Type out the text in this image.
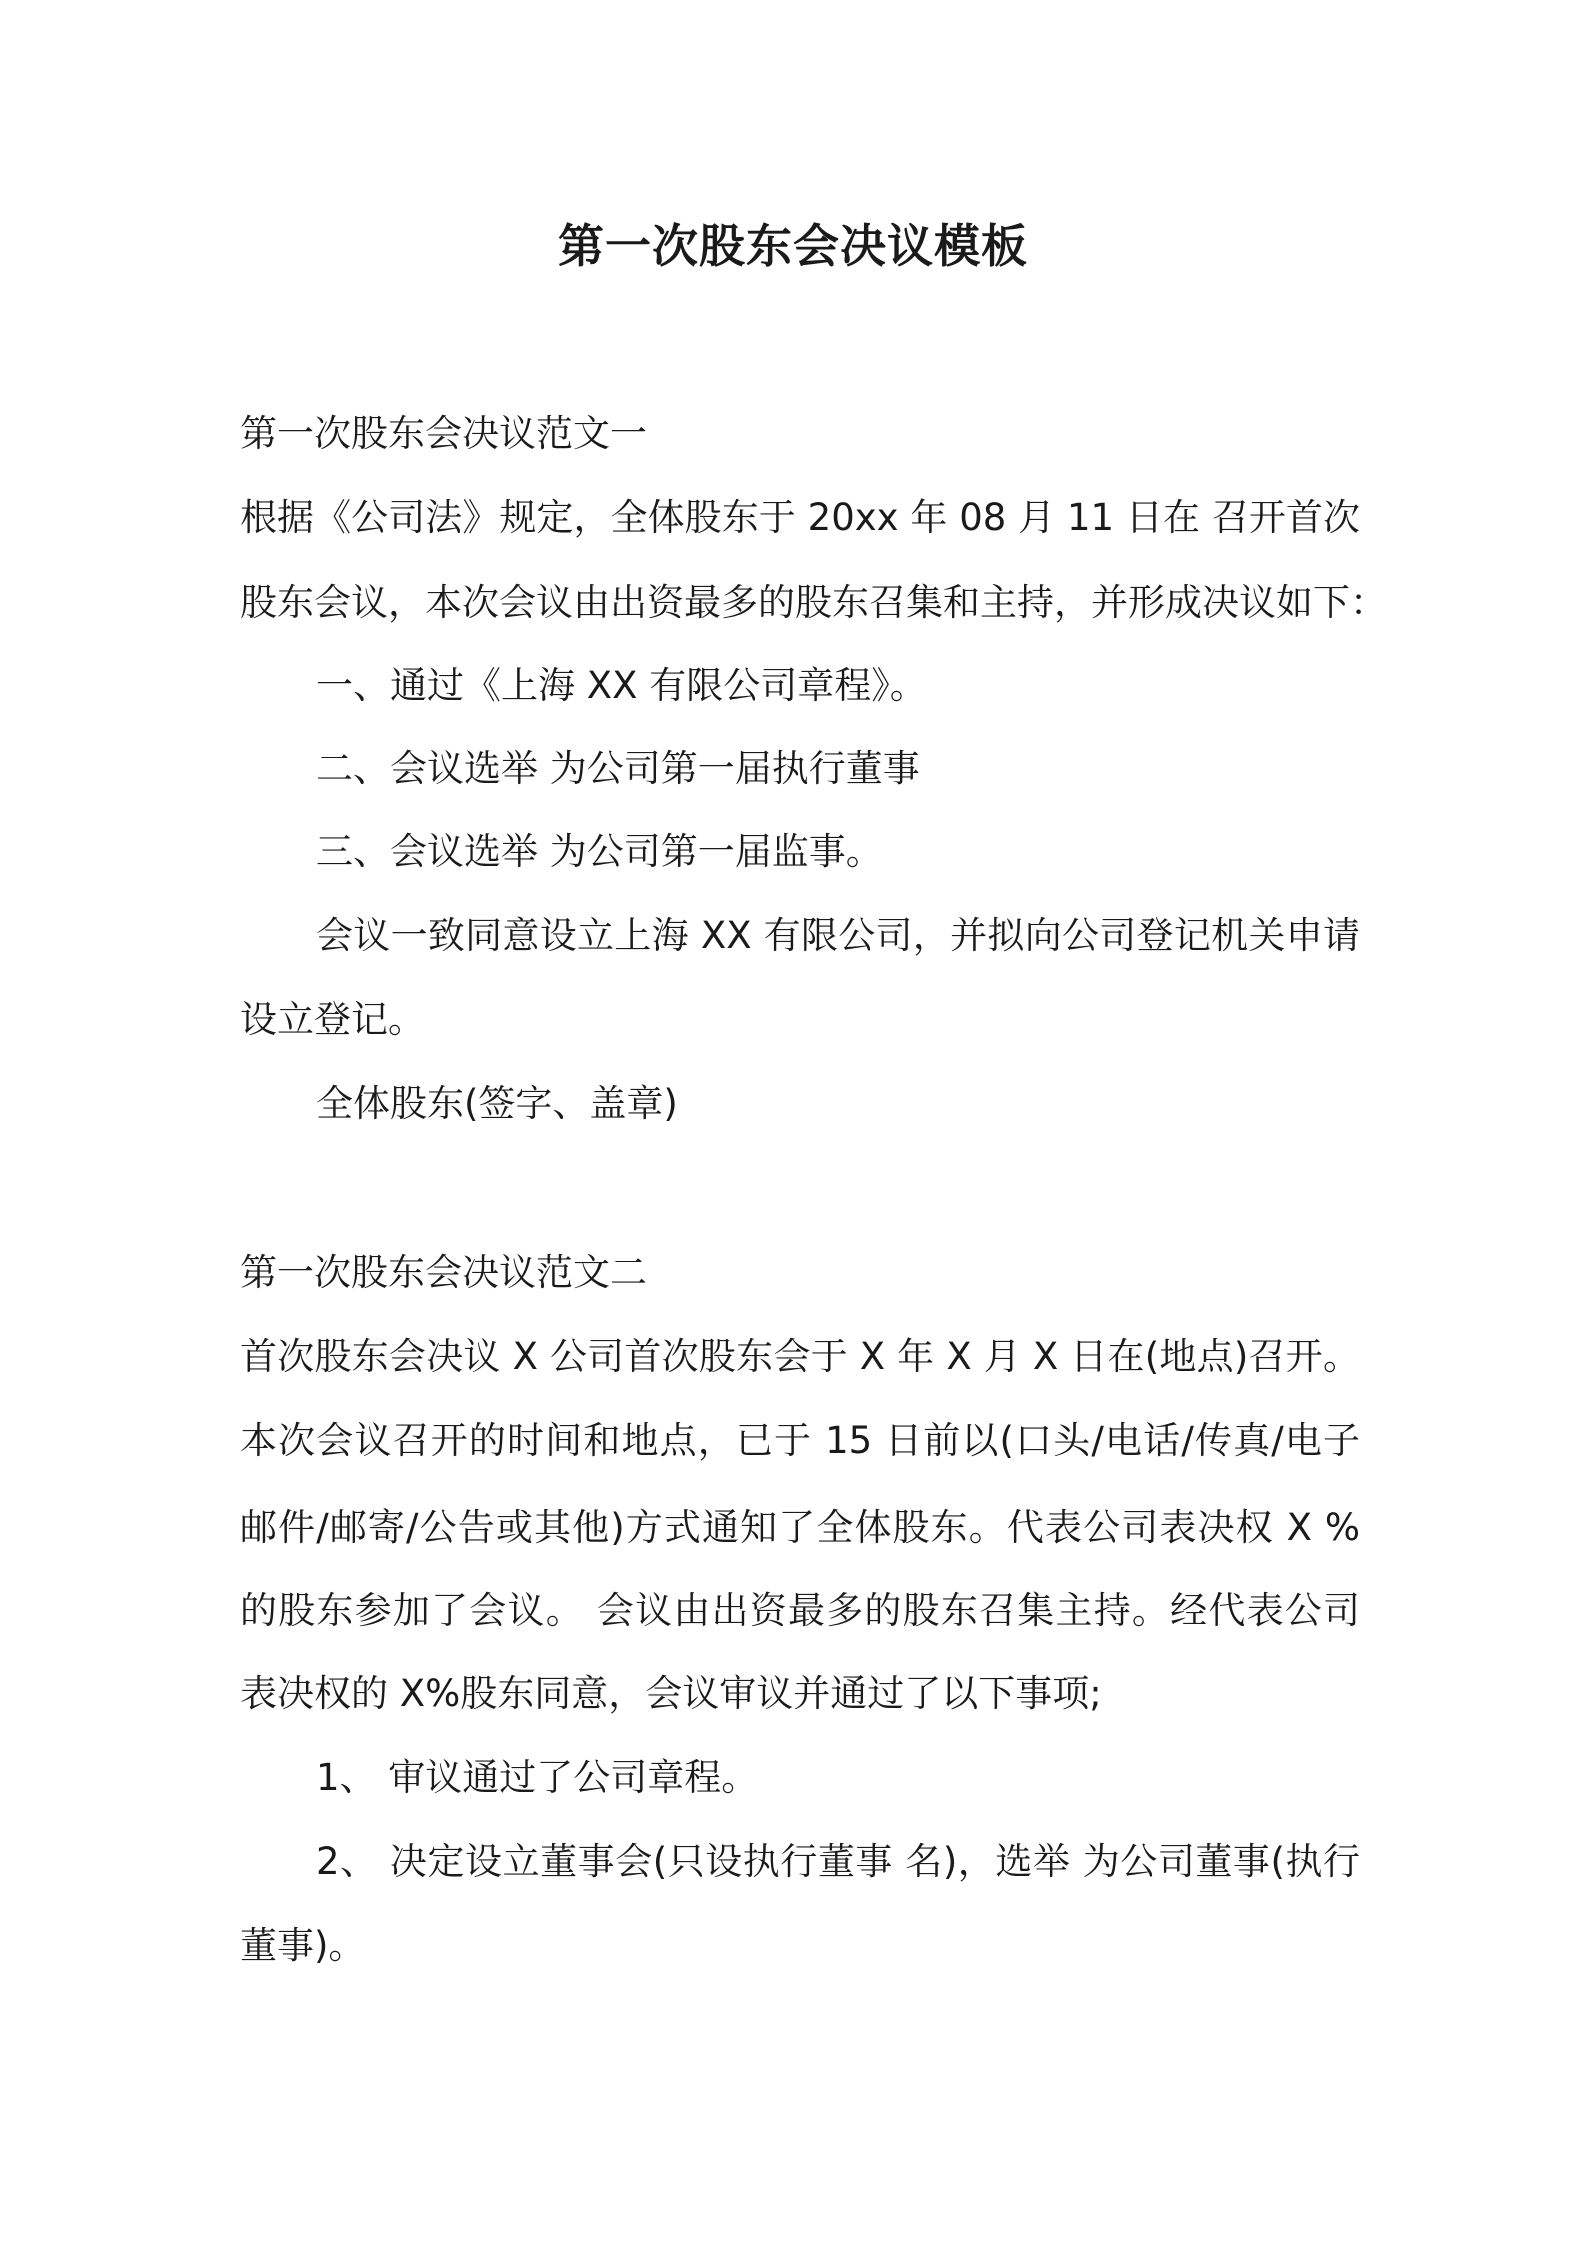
第一次股东会决议模板

第一次股东会决议范文一

根据《公司法》规定，全体股东于 20xx 年 08 月 11 日在 召开首次

股东会议，本次会议由出资最多的股东召集和主持，并形成决议如下：

一、通过《上海 XX 有限公司章程》。

二、会议选举 为公司第一届执行董事

三、会议选举 为公司第一届监事。

会议一致同意设立上海 XX 有限公司，并拟向公司登记机关申请

设立登记。

全体股东(签字、盖章)

第一次股东会决议范文二

首次股东会决议 X 公司首次股东会于 X 年 X 月 X 日在(地点)召开。

本次会议召开的时间和地点，已于 15 日前以(口头/电话/传真/电子

邮件/邮寄/公告或其他)方式通知了全体股东。代表公司表决权 X %

的股东参加了会议。 会议由出资最多的股东召集主持。经代表公司

表决权的 X%股东同意，会议审议并通过了以下事项;

1、 审议通过了公司章程。

2、 决定设立董事会(只设执行董事 名)，选举 为公司董事(执行

董事)。
